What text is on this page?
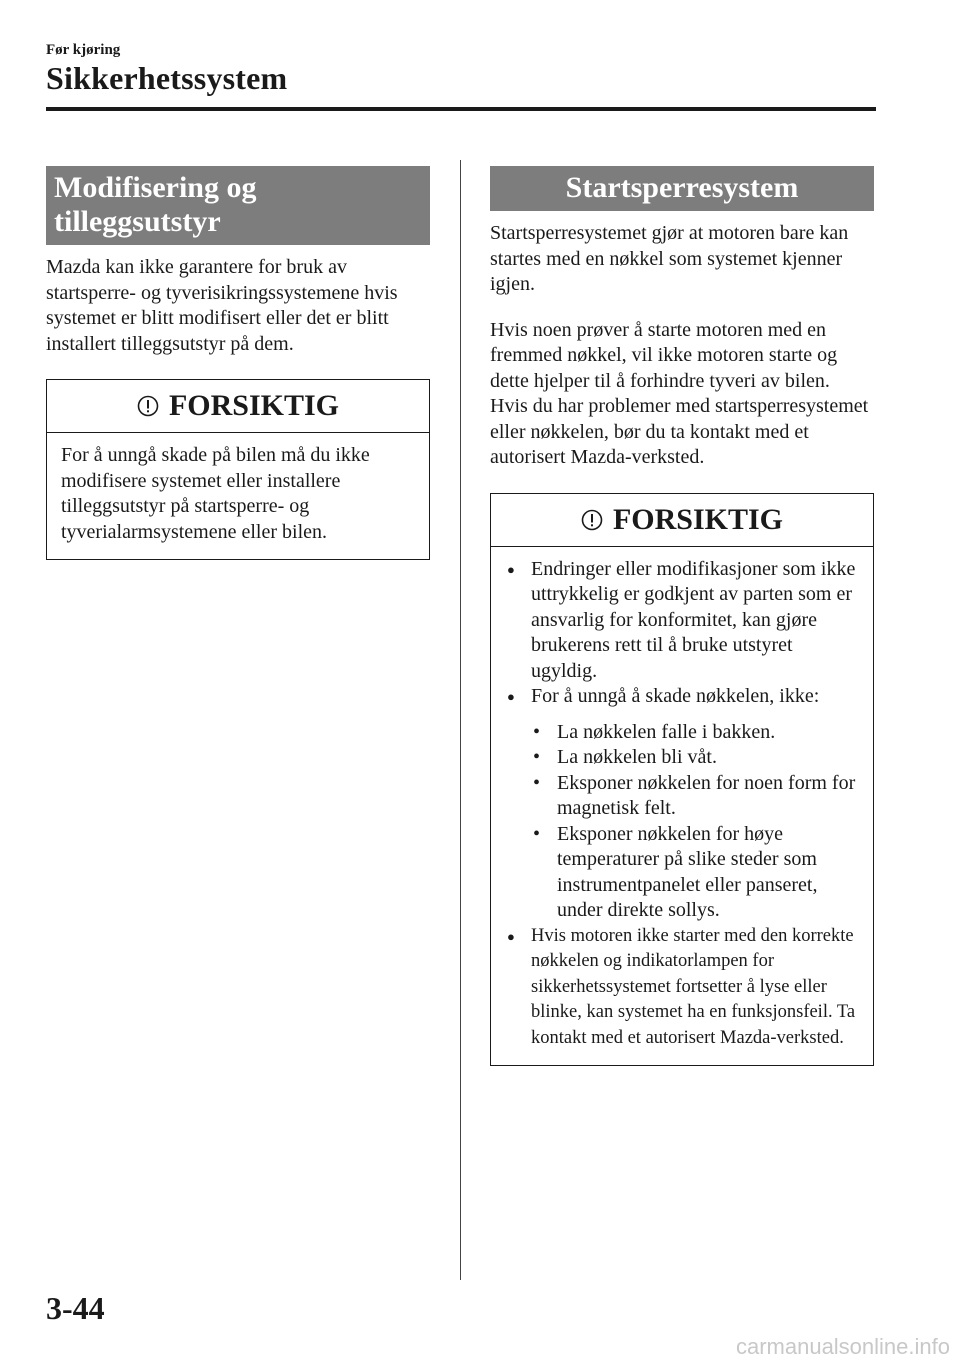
Før kjøring
Sikkerhetssystem
Modifisering og
tilleggsutstyr

Mazda kan ikke garantere for bruk av startsperre- og tyverisikringssystemene hvis systemet er blitt modifisert eller det er blitt installert tilleggsutstyr på dem.

FORSIKTIG
For å unngå skade på bilen må du ikke modifisere systemet eller installere tilleggsutstyr på startsperre- og tyverialarmsystemene eller bilen.
Startsperresystem

Startsperresystemet gjør at motoren bare kan startes med en nøkkel som systemet kjenner igjen.

Hvis noen prøver å starte motoren med en fremmed nøkkel, vil ikke motoren starte og dette hjelper til å forhindre tyveri av bilen.

Hvis du har problemer med startsperresystemet eller nøkkelen, bør du ta kontakt med et autorisert Mazda-verksted.

FORSIKTIG
● Endringer eller modifikasjoner som ikke uttrykkelig er godkjent av parten som er ansvarlig for konformitet, kan gjøre brukerens rett til å bruke utstyret ugyldig.
● For å unngå å skade nøkkelen, ikke:
• La nøkkelen falle i bakken.
• La nøkkelen bli våt.
• Eksponer nøkkelen for noen form for magnetisk felt.
• Eksponer nøkkelen for høye temperaturer på slike steder som instrumentpanelet eller panseret, under direkte sollys.
● Hvis motoren ikke starter med den korrekte nøkkelen og indikatorlampen for sikkerhetssystemet fortsetter å lyse eller blinke, kan systemet ha en funksjonsfeil. Ta kontakt med et autorisert Mazda-verksted.
3-44
carmanualsonline.info
